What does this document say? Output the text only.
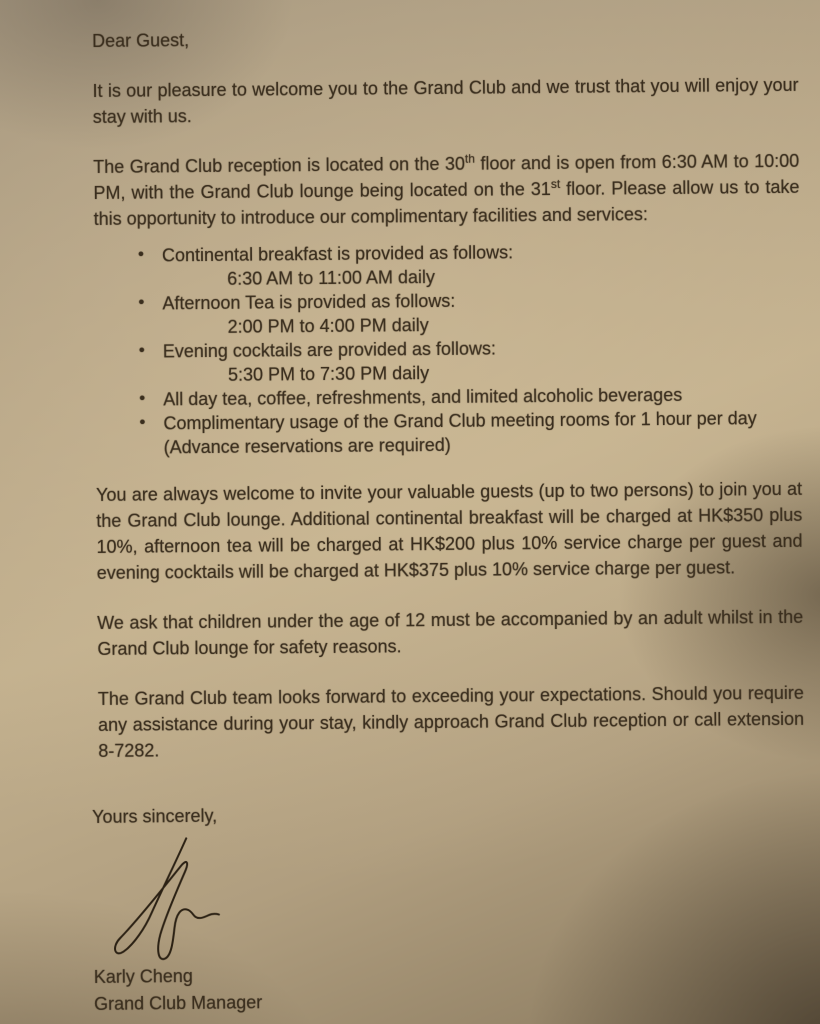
Dear Guest,

It is our pleasure to welcome you to the Grand Club and we trust that you will enjoy your stay with us.

The Grand Club reception is located on the 30th floor and is open from 6:30 AM to 10:00 PM, with the Grand Club lounge being located on the 31st floor. Please allow us to take this opportunity to introduce our complimentary facilities and services:

• Continental breakfast is provided as follows:
6:30 AM to 11:00 AM daily
• Afternoon Tea is provided as follows:
2:00 PM to 4:00 PM daily
• Evening cocktails are provided as follows:
5:30 PM to 7:30 PM daily
• All day tea, coffee, refreshments, and limited alcoholic beverages
• Complimentary usage of the Grand Club meeting rooms for 1 hour per day
(Advance reservations are required)

You are always welcome to invite your valuable guests (up to two persons) to join you at the Grand Club lounge. Additional continental breakfast will be charged at HK$350 plus 10%, afternoon tea will be charged at HK$200 plus 10% service charge per guest and evening cocktails will be charged at HK$375 plus 10% service charge per guest.

We ask that children under the age of 12 must be accompanied by an adult whilst in the Grand Club lounge for safety reasons.

The Grand Club team looks forward to exceeding your expectations. Should you require any assistance during your stay, kindly approach Grand Club reception or call extension 8-7282.

Yours sincerely,

Karly Cheng

Grand Club Manager
